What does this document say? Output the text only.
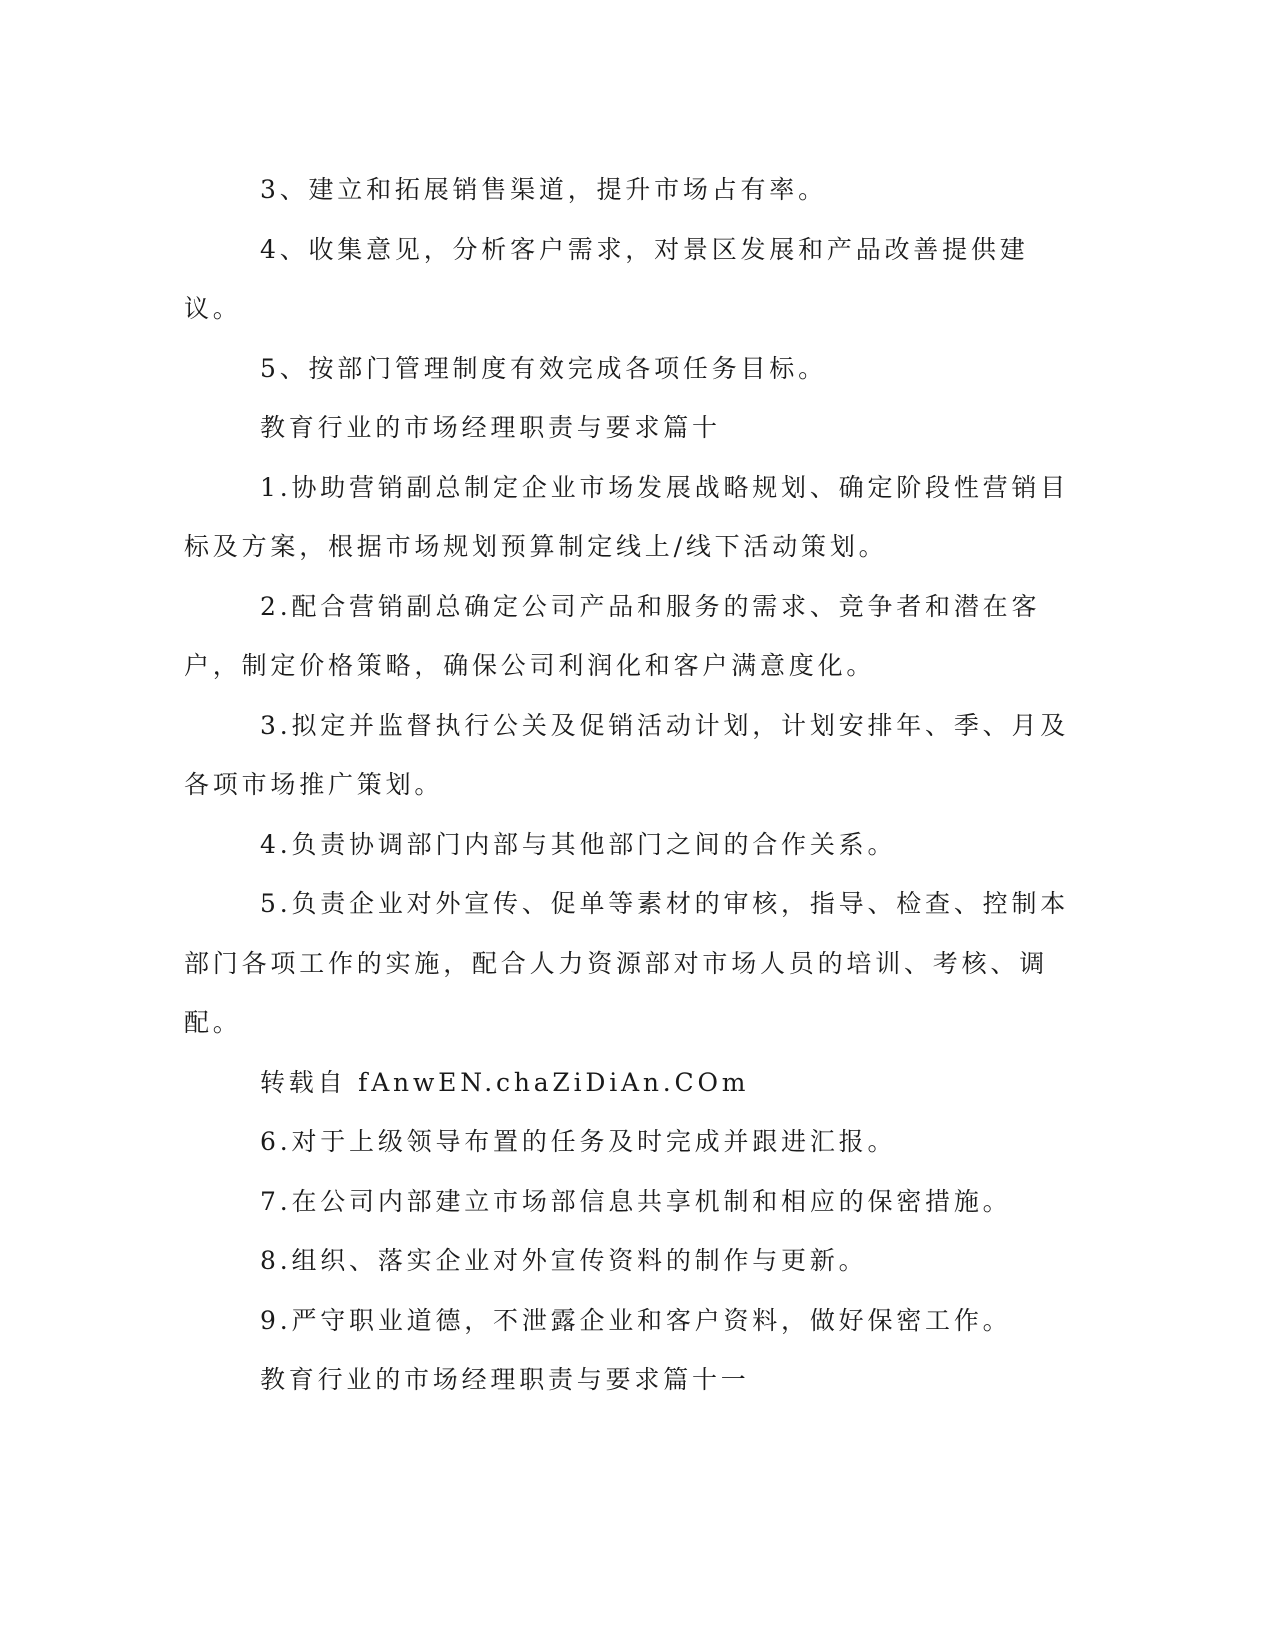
3、建立和拓展销售渠道，提升市场占有率。

4、收集意见，分析客户需求，对景区发展和产品改善提供建议。

5、按部门管理制度有效完成各项任务目标。

教育行业的市场经理职责与要求篇十

1.协助营销副总制定企业市场发展战略规划、确定阶段性营销目标及方案，根据市场规划预算制定线上/线下活动策划。

2.配合营销副总确定公司产品和服务的需求、竞争者和潜在客户，制定价格策略，确保公司利润化和客户满意度化。

3.拟定并监督执行公关及促销活动计划，计划安排年、季、月及各项市场推广策划。

4.负责协调部门内部与其他部门之间的合作关系。

5.负责企业对外宣传、促单等素材的审核，指导、检查、控制本部门各项工作的实施，配合人力资源部对市场人员的培训、考核、调配。

转载自 fAnwEN.chaZiDiAn.COm

6.对于上级领导布置的任务及时完成并跟进汇报。

7.在公司内部建立市场部信息共享机制和相应的保密措施。

8.组织、落实企业对外宣传资料的制作与更新。

9.严守职业道德，不泄露企业和客户资料，做好保密工作。

教育行业的市场经理职责与要求篇十一
